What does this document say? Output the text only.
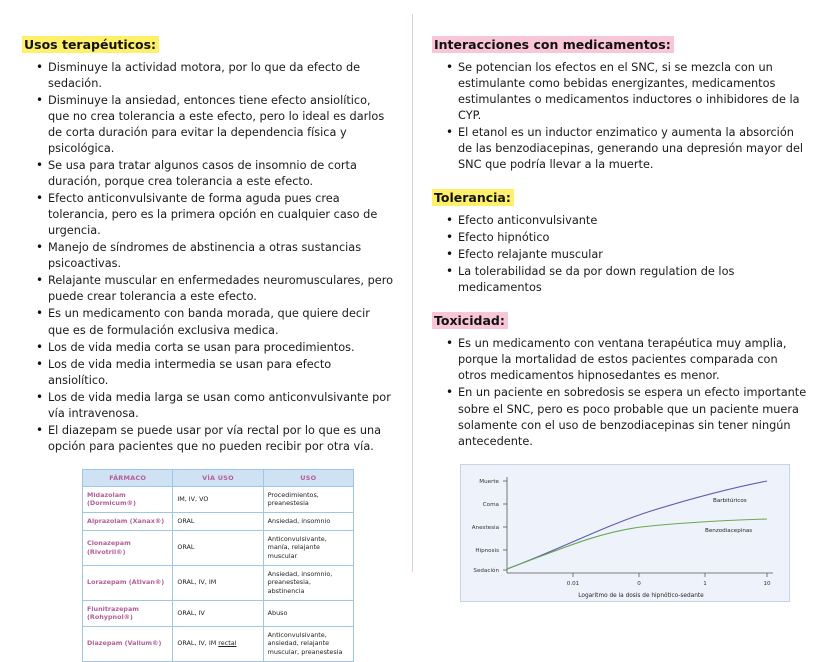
Usos terapéuticos:
• Disminuye la actividad motora, por lo que da efecto de sedación.
• Disminuye la ansiedad, entonces tiene efecto ansiolítico, que no crea tolerancia a este efecto, pero lo ideal es darlos de corta duración para evitar la dependencia física y psicológica.
• Se usa para tratar algunos casos de insomnio de corta duración, porque crea tolerancia a este efecto.
• Efecto anticonvulsivante de forma aguda pues crea tolerancia, pero es la primera opción en cualquier caso de urgencia.
• Manejo de síndromes de abstinencia a otras sustancias psicoactivas.
• Relajante muscular en enfermedades neuromusculares, pero puede crear tolerancia a este efecto.
• Es un medicamento con banda morada, que quiere decir que es de formulación exclusiva medica.
• Los de vida media corta se usan para procedimientos.
• Los de vida media intermedia se usan para efecto ansiolítico.
• Los de vida media larga se usan como anticonvulsivante por vía intravenosa.
• El diazepam se puede usar por vía rectal por lo que es una opción para pacientes que no pueden recibir por otra vía.
FÁRMACO	VÍA USO	USO
Midazolam (Dormicum®)	IM, IV, VO	Procedimientos, preanestesia
Alprazolam (Xanax®)	ORAL	Ansiedad, insomnio
Clonazepam (Rivotril®)	ORAL	Anticonvulsivante, manía, relajante muscular
Lorazepam (Ativan®)	ORAL, IV, IM	Ansiedad, insomnio, preanestesia, abstinencia
Flunitrazepam (Rohypnol®)	ORAL, IV	Abuso
Diazepam (Valium®)	ORAL, IV, IM rectal	Anticonvulsivante, ansiedad, relajante muscular, preanestesia
Interacciones con medicamentos:
• Se potencian los efectos en el SNC, si se mezcla con un estimulante como bebidas energizantes, medicamentos estimulantes o medicamentos inductores o inhibidores de la CYP.
• El etanol es un inductor enzimatico y aumenta la absorción de las benzodiacepinas, generando una depresión mayor del SNC que podría llevar a la muerte.
Tolerancia:
• Efecto anticonvulsivante
• Efecto hipnótico
• Efecto relajante muscular
• La tolerabilidad se da por down regulation de los medicamentos
Toxicidad:
• Es un medicamento con ventana terapéutica muy amplia, porque la mortalidad de estos pacientes comparada con otros medicamentos hipnosedantes es menor.
• En un paciente en sobredosis se espera un efecto importante sobre el SNC, pero es poco probable que un paciente muera solamente con el uso de benzodiacepinas sin tener ningún antecedente.
Muerte
Coma
Anestesia
Hipnosis
Sedación
0.01	0	1	10
Barbitúricos
Benzodiacepinas
Logaritmo de la dosis de hipnótico-sedante
